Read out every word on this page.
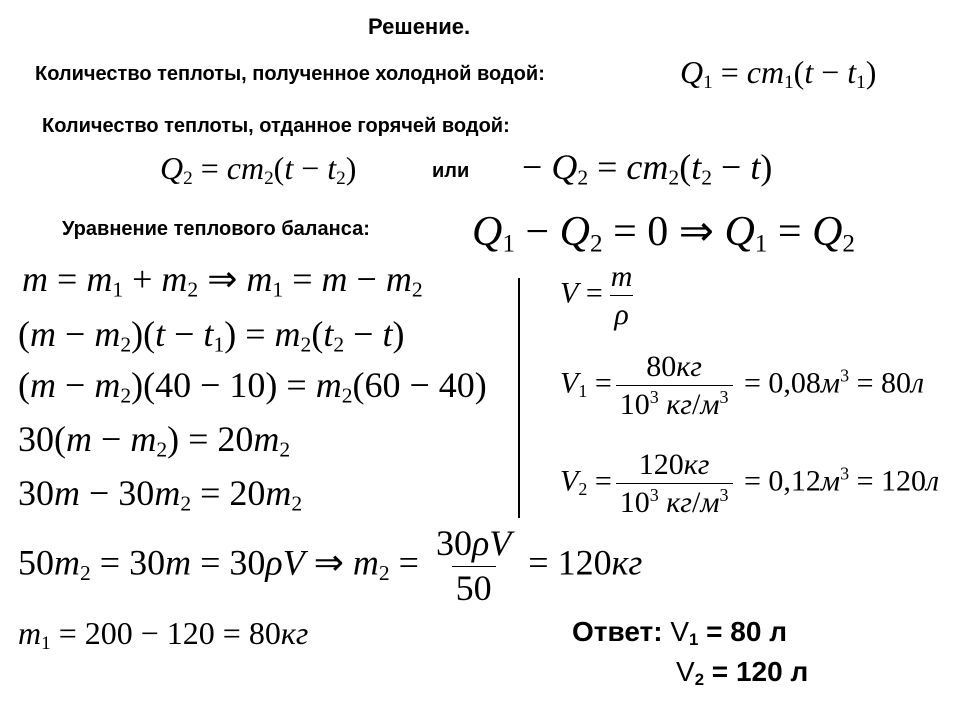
Решение.
Количество теплоты, полученное холодной водой:	$Q_1 = cm_1(t - t_1)$
Количество теплоты, отданное горячей водой:
$Q_2 = cm_2(t - t_2)$	или − $Q_2 = cm_2(t_2 - t)$
Уравнение теплового баланса: $Q_1 - Q_2 = 0$ ⇒ $Q_1 = Q_2$
$m = m_1 + m_2$ ⇒ $m_1 = m - m_2$
$(m - m_2)(t - t_1) = m_2(t_2 - t)$
$(m - m_2)(40 - 10) = m_2(60 - 40)$
$30(m - m_2) = 20m_2$
$30m - 30m_2 = 20m_2$
$50m_2 = 30m = 30\rho V$ ⇒ $m_2 = \frac{30\rho V}{50} = 120кг$
$m_1 = 200 - 120 = 80кг$
$V = \frac{m}{\rho}$
$V_1 = \frac{80кг}{10^3 кг/м^3} = 0,08м^3 = 80л$
$V_2 = \frac{120кг}{10^3 кг/м^3} = 0,12м^3 = 120л$
Ответ: $V_1 = 80$ л
$V_2 = 120$ л
